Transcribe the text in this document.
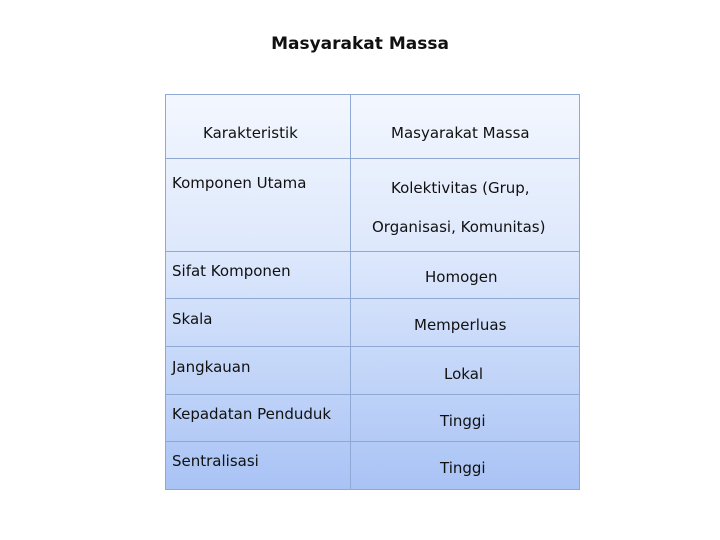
Masyarakat Massa
Karakteristik	Masyarakat Massa
Komponen Utama	Kolektivitas (Grup,
Organisasi, Komunitas)
Sifat Komponen	Homogen
Skala	Memperluas
Jangkauan	Lokal
Kepadatan Penduduk	Tinggi
Sentralisasi	Tinggi
